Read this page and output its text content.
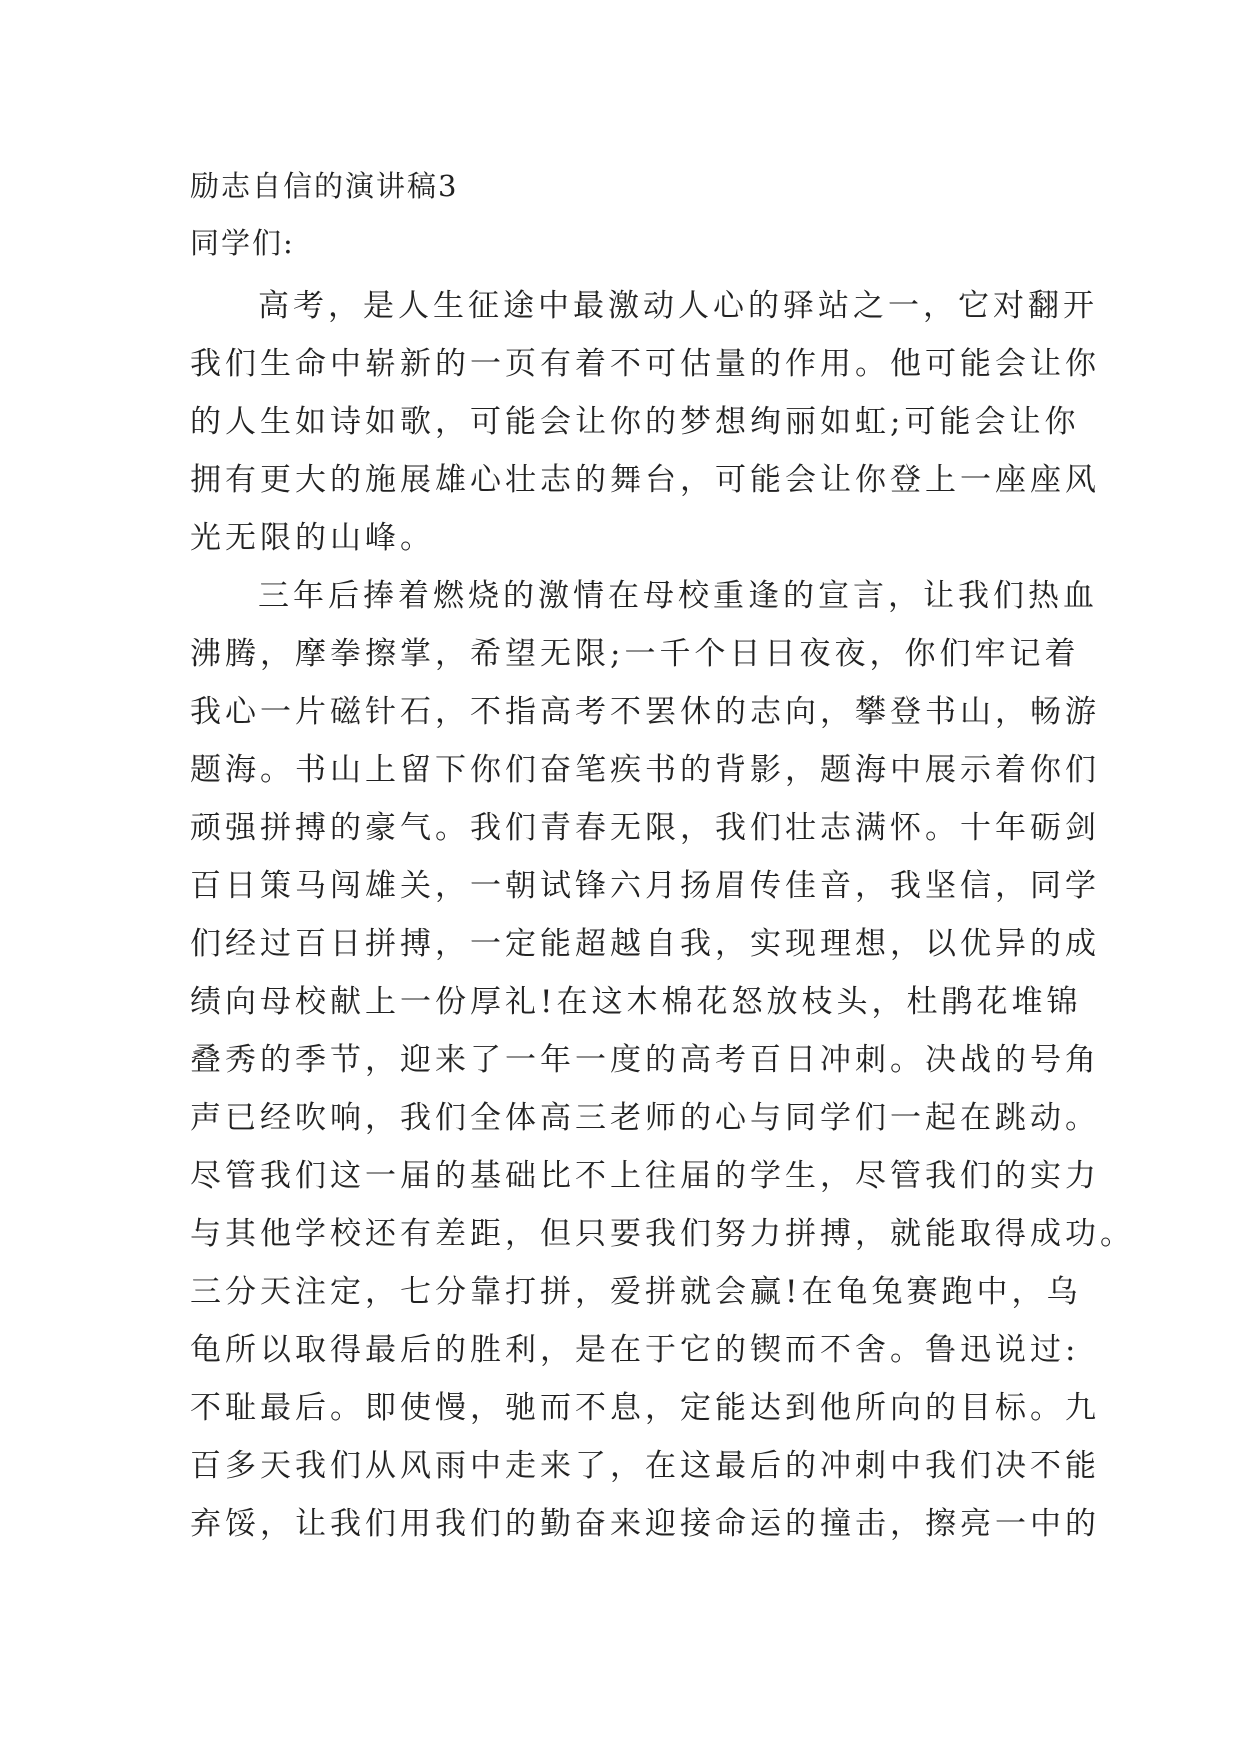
励志自信的演讲稿3
同学们:
高考，是人生征途中最激动人心的驿站之一，它对翻开
我们生命中崭新的一页有着不可估量的作用。他可能会让你
的人生如诗如歌，可能会让你的梦想绚丽如虹;可能会让你
拥有更大的施展雄心壮志的舞台，可能会让你登上一座座风
光无限的山峰。
三年后捧着燃烧的激情在母校重逢的宣言，让我们热血
沸腾，摩拳擦掌，希望无限;一千个日日夜夜，你们牢记着
我心一片磁针石，不指高考不罢休的志向，攀登书山，畅游
题海。书山上留下你们奋笔疾书的背影，题海中展示着你们
顽强拼搏的豪气。我们青春无限，我们壮志满怀。十年砺剑
百日策马闯雄关，一朝试锋六月扬眉传佳音，我坚信，同学
们经过百日拼搏，一定能超越自我，实现理想，以优异的成
绩向母校献上一份厚礼!在这木棉花怒放枝头，杜鹃花堆锦
叠秀的季节，迎来了一年一度的高考百日冲刺。决战的号角
声已经吹响，我们全体高三老师的心与同学们一起在跳动。
尽管我们这一届的基础比不上往届的学生，尽管我们的实力
与其他学校还有差距，但只要我们努力拼搏，就能取得成功。
三分天注定，七分靠打拼，爱拼就会赢!在龟兔赛跑中，乌
龟所以取得最后的胜利，是在于它的锲而不舍。鲁迅说过:
不耻最后。即使慢，驰而不息，定能达到他所向的目标。九
百多天我们从风雨中走来了，在这最后的冲刺中我们决不能
弃馁，让我们用我们的勤奋来迎接命运的撞击，擦亮一中的
